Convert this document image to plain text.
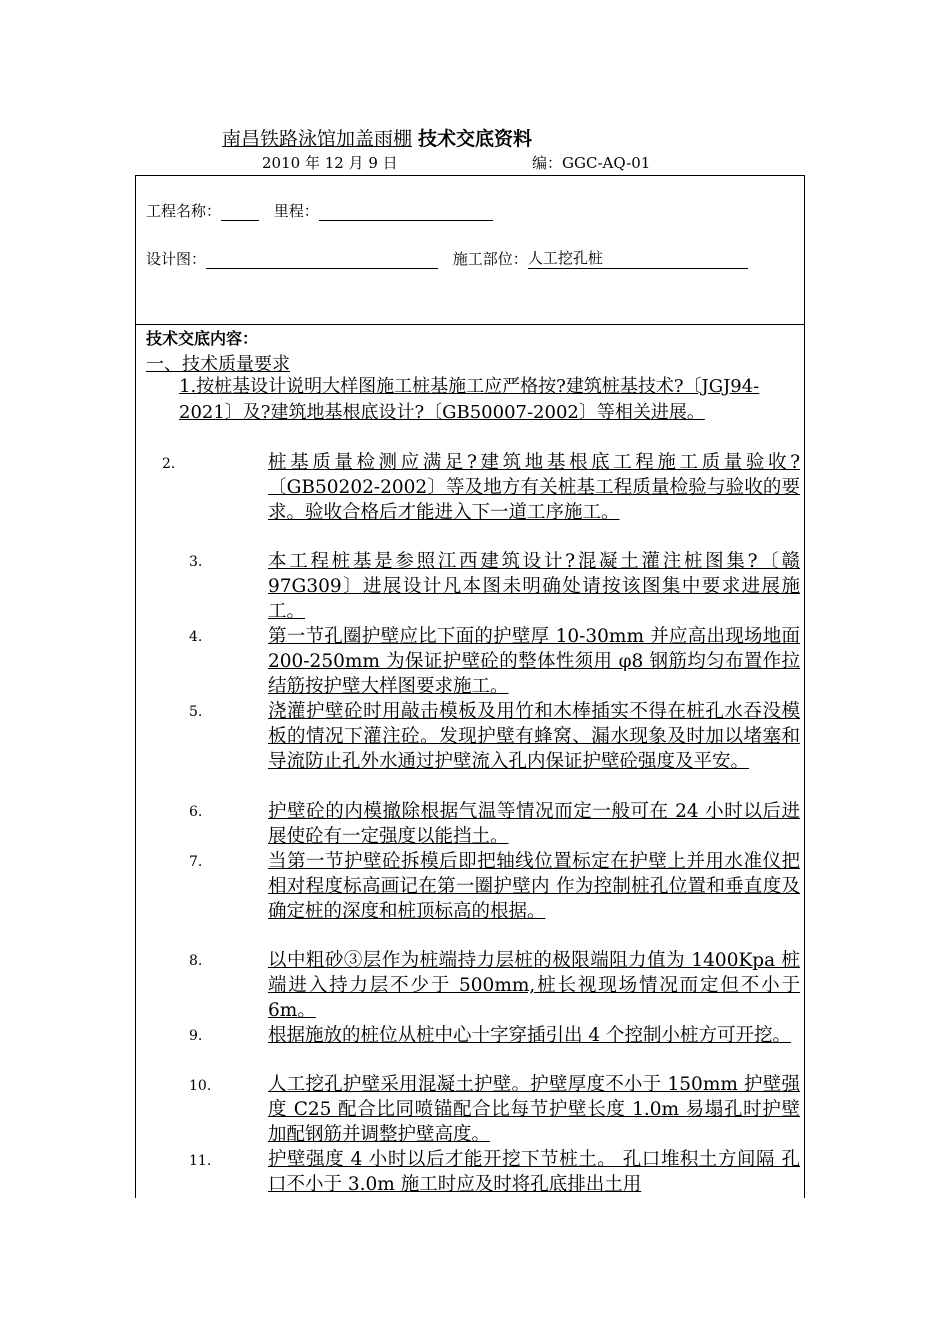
南昌铁路泳馆加盖雨棚 技术交底资料
2010 年 12 月 9 日	编：GGC-AQ-01
工程名称：	里程：
设计图：	施工部位： 人工挖孔桩
技术交底内容：
一、技术质量要求
1.按桩基设计说明大样图施工桩基施工应严格按?建筑桩基技术?〔JGJ94-2021〕及?建筑地基根底设计?〔GB50007-2002〕等相关进展。
2.	桩基质量检测应满足?建筑地基根底工程施工质量验收?〔GB50202-2002〕等及地方有关桩基工程质量检验与验收的要求。验收合格后才能进入下一道工序施工。
3.	本工程桩基是参照江西建筑设计?混凝土灌注桩图集?〔赣 97G309〕进展设计凡本图未明确处请按该图集中要求进展施工。
4.	第一节孔圈护壁应比下面的护壁厚 10-30mm 并应高出现场地面 200-250mm 为保证护壁砼的整体性须用 φ8 钢筋均匀布置作拉结筋按护壁大样图要求施工。
5.	浇灌护壁砼时用敲击模板及用竹和木棒插实不得在桩孔水吞没模板的情况下灌注砼。发现护壁有蜂窝、漏水现象及时加以堵塞和导流防止孔外水通过护壁流入孔内保证护壁砼强度及平安。
6.	护壁砼的内模撤除根据气温等情况而定一般可在 24 小时以后进展使砼有一定强度以能挡土。
7.	当第一节护壁砼拆模后即把轴线位置标定在护壁上并用水准仪把相对程度标高画记在第一圈护壁内 作为控制桩孔位置和垂直度及确定桩的深度和桩顶标高的根据。
8.	以中粗砂③层作为桩端持力层桩的极限端阻力值为 1400Kpa 桩端进入持力层不少于 500mm,桩长视现场情况而定但不小于 6m。
9.	根据施放的桩位从桩中心十字穿插引出 4 个控制小桩方可开挖。
10.	人工挖孔护壁采用混凝土护壁。护壁厚度不小于 150mm 护壁强度 C25 配合比同喷锚配合比每节护壁长度 1.0m 易塌孔时护壁加配钢筋并调整护壁高度。
11.	护壁强度 4 小时以后才能开挖下节桩土。 孔口堆积土方间隔 孔口不小于 3.0m 施工时应及时将孔底排出土用
